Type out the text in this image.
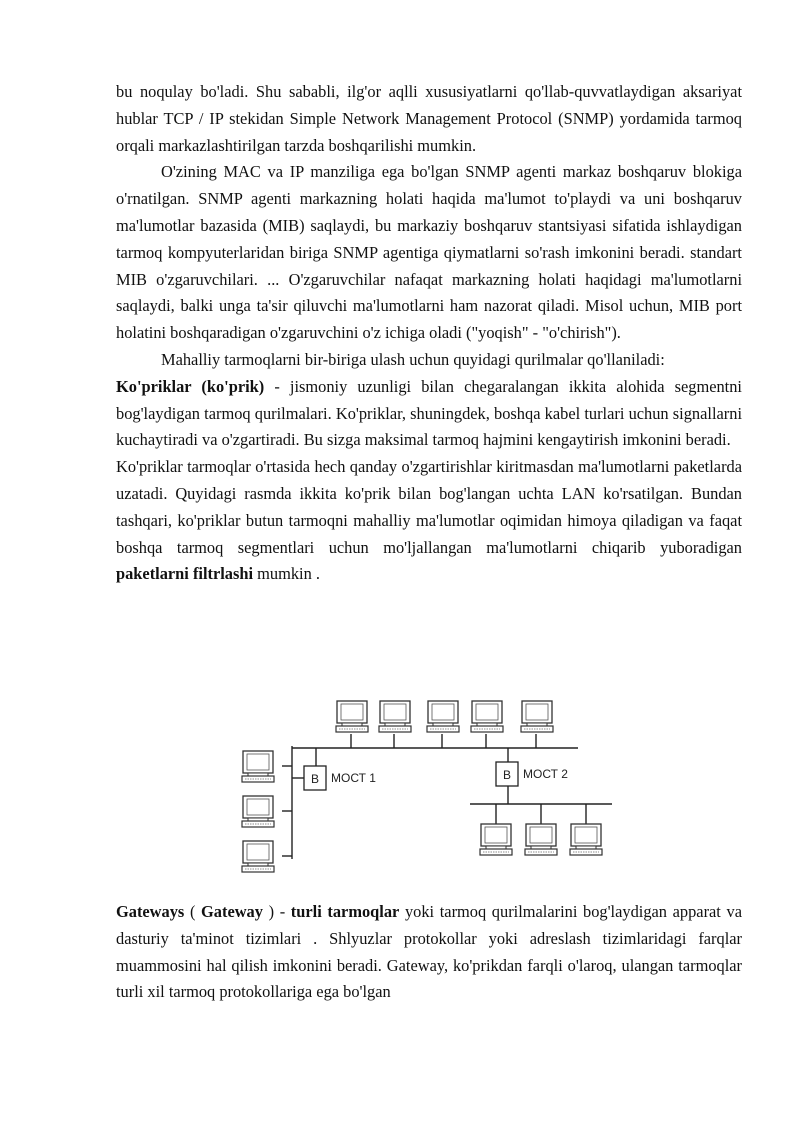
bu noqulay bo'ladi. Shu sababli, ilg'or aqlli xususiyatlarni qo'llab-quvvatlaydigan aksariyat hublar TCP / IP stekidan Simple Network Management Protocol (SNMP) yordamida tarmoq orqali markazlashtirilgan tarzda boshqarilishi mumkin.

O'zining MAC va IP manziliga ega bo'lgan SNMP agenti markaz boshqaruv blokiga o'rnatilgan. SNMP agenti markazning holati haqida ma'lumot to'playdi va uni boshqaruv ma'lumotlar bazasida (MIB) saqlaydi, bu markaziy boshqaruv stantsiyasi sifatida ishlaydigan tarmoq kompyuterlaridan biriga SNMP agentiga qiymatlarni so'rash imkonini beradi. standart MIB o'zgaruvchilari. ... O'zgaruvchilar nafaqat markazning holati haqidagi ma'lumotlarni saqlaydi, balki unga ta'sir qiluvchi ma'lumotlarni ham nazorat qiladi. Misol uchun, MIB port holatini boshqaradigan o'zgaruvchini o'z ichiga oladi ("yoqish" - "o'chirish").

Mahalliy tarmoqlarni bir-biriga ulash uchun quyidagi qurilmalar qo'llaniladi:

Ko'priklar (ko'prik) - jismoniy uzunligi bilan chegaralangan ikkita alohida segmentni bog'laydigan tarmoq qurilmalari. Ko'priklar, shuningdek, boshqa kabel turlari uchun signallarni kuchaytiradi va o'zgartiradi. Bu sizga maksimal tarmoq hajmini kengaytirish imkonini beradi.

Ko'priklar tarmoqlar o'rtasida hech qanday o'zgartirishlar kiritmasdan ma'lumotlarni paketlarda uzatadi. Quyidagi rasmda ikkita ko'prik bilan bog'langan uchta LAN ko'rsatilgan. Bundan tashqari, ko'priklar butun tarmoqni mahalliy ma'lumotlar oqimidan himoya qiladigan va faqat boshqa tarmoq segmentlari uchun mo'ljallangan ma'lumotlarni chiqarib yuboradigan paketlarni filtrlashi mumkin .

B МОСТ 1	B МОСТ 2

Gateways ( Gateway ) - turli tarmoqlar yoki tarmoq qurilmalarini bog'laydigan apparat va dasturiy ta'minot tizimlari . Shlyuzlar protokollar yoki adreslash tizimlaridagi farqlar muammosini hal qilish imkonini beradi. Gateway, ko'prikdan farqli o'laroq, ulangan tarmoqlar turli xil tarmoq protokollariga ega bo'lgan
